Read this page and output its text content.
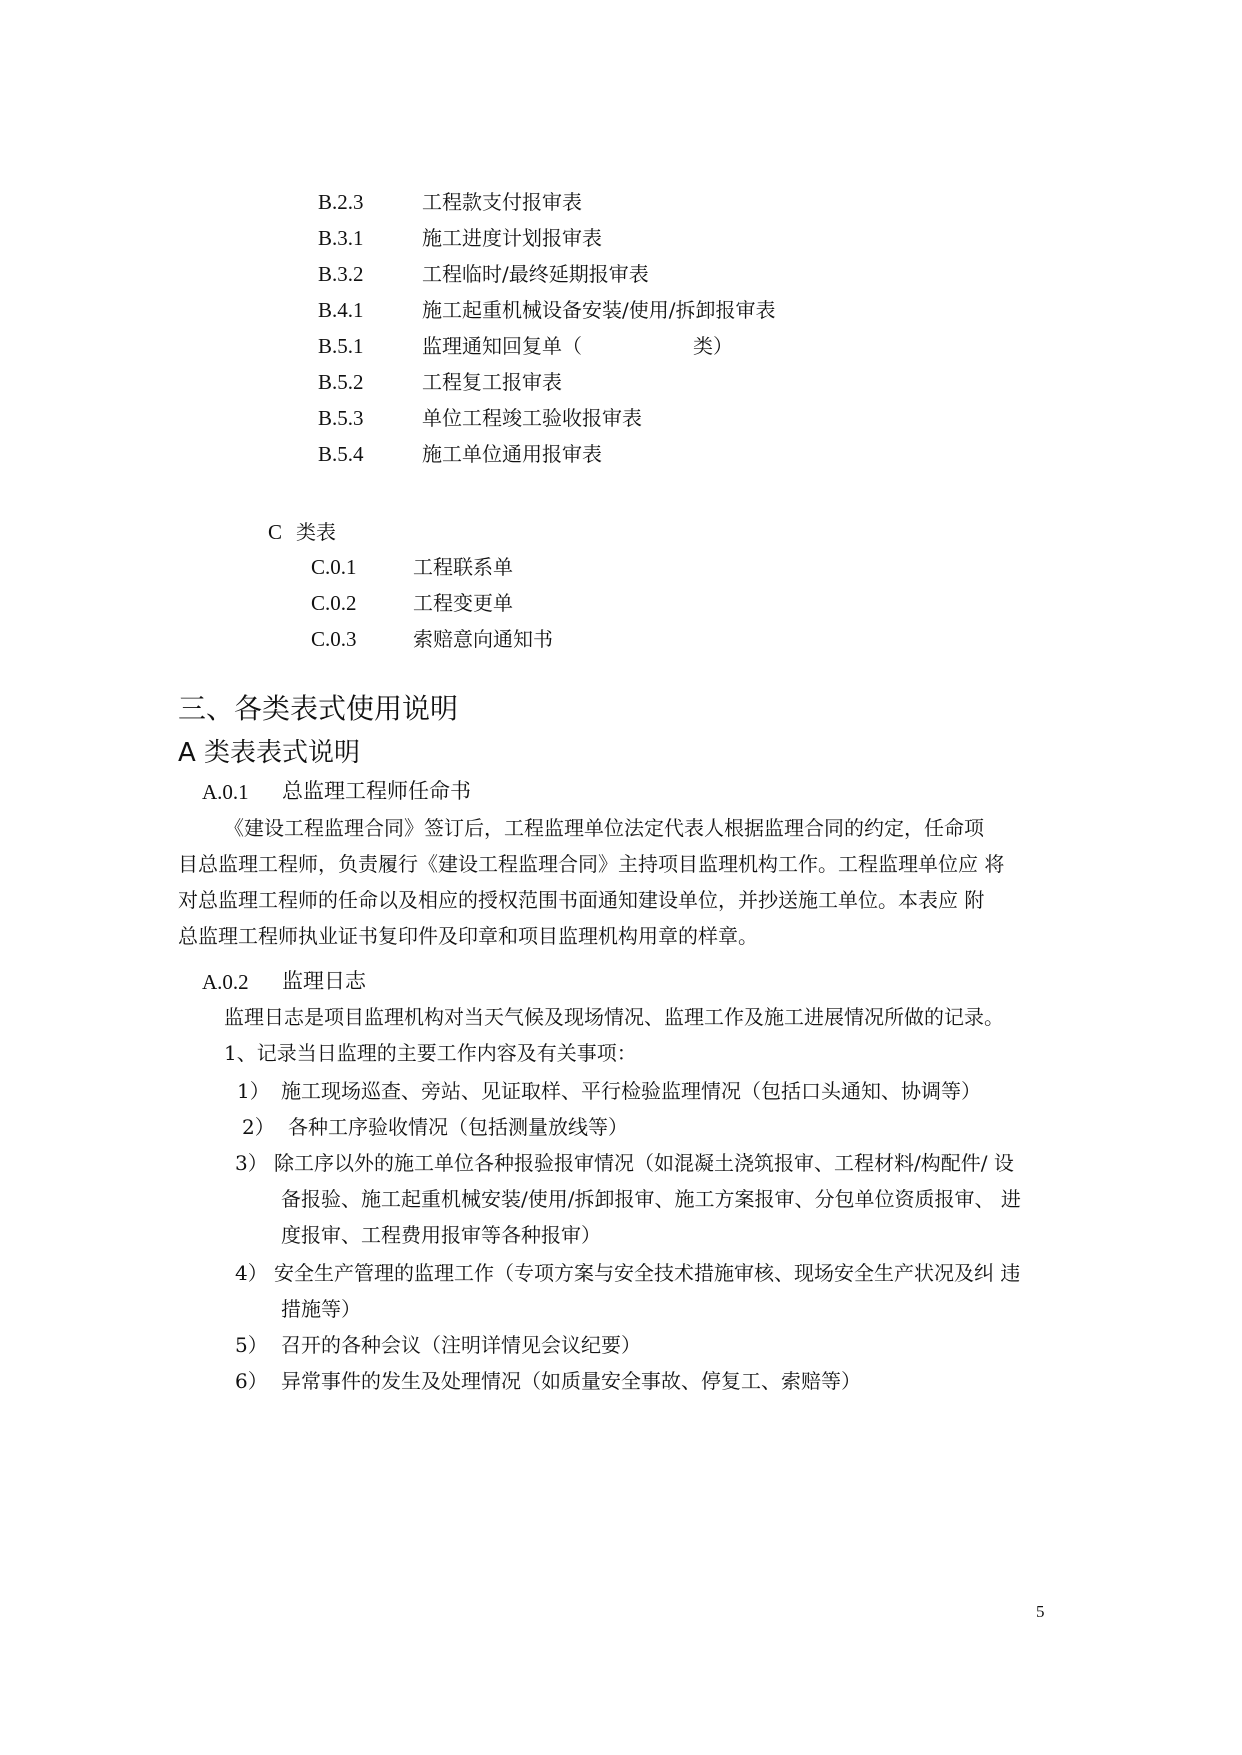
B.2.3	工程款支付报审表
B.3.1	施工进度计划报审表
B.3.2	工程临时/最终延期报审表
B.4.1	施工起重机械设备安装/使用/拆卸报审表
B.5.1	监理通知回复单（	类）
B.5.2	工程复工报审表
B.5.3	单位工程竣工验收报审表
B.5.4	施工单位通用报审表
C 类表
C.0.1	工程联系单
C.0.2	工程变更单
C.0.3	索赔意向通知书
三、各类表式使用说明
A 类表表式说明
A.0.1 总监理工程师任命书
《建设工程监理合同》签订后，工程监理单位法定代表人根据监理合同的约定，任命项
目总监理工程师，负责履行《建设工程监理合同》主持项目监理机构工作。工程监理单位应 将
对总监理工程师的任命以及相应的授权范围书面通知建设单位，并抄送施工单位。本表应 附
总监理工程师执业证书复印件及印章和项目监理机构用章的样章。
A.0.2 监理日志
监理日志是项目监理机构对当天气候及现场情况、监理工作及施工进展情况所做的记录。
1、记录当日监理的主要工作内容及有关事项：
1） 施工现场巡查、旁站、见证取样、平行检验监理情况（包括口头通知、协调等）
2） 各种工序验收情况（包括测量放线等）
3） 除工序以外的施工单位各种报验报审情况（如混凝土浇筑报审、工程材料/构配件/ 设
备报验、施工起重机械安装/使用/拆卸报审、施工方案报审、分包单位资质报审、 进
度报审、工程费用报审等各种报审）
4） 安全生产管理的监理工作（专项方案与安全技术措施审核、现场安全生产状况及纠 违
措施等）
5） 召开的各种会议（注明详情见会议纪要）
6） 异常事件的发生及处理情况（如质量安全事故、停复工、索赔等）
5
